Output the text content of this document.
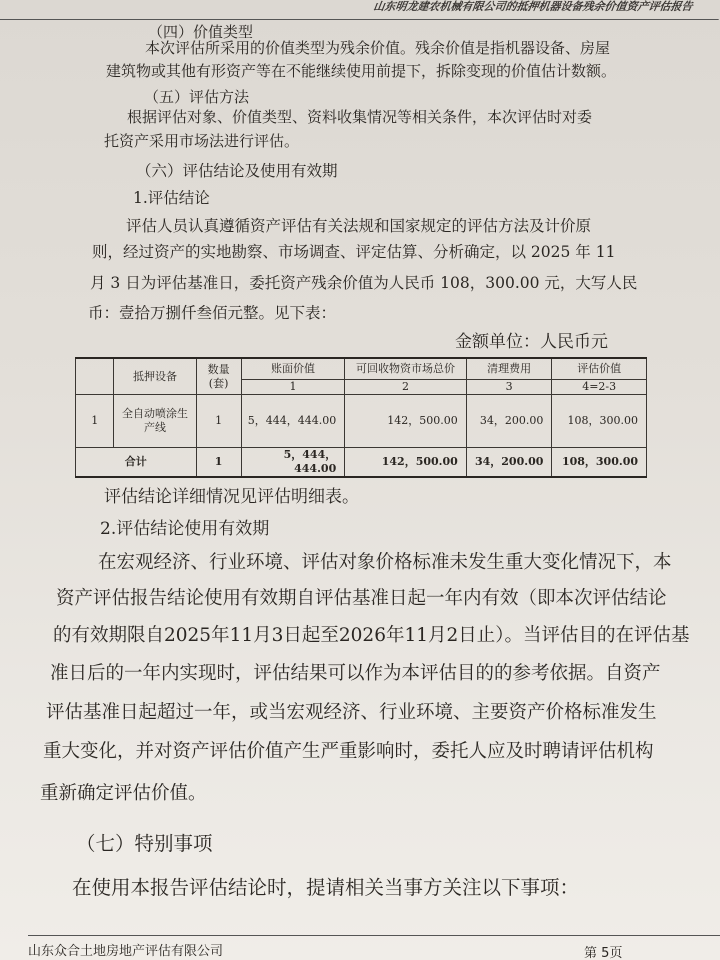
山东明龙建农机械有限公司的抵押机器设备残余价值资产评估报告
（四）价值类型
本次评估所采用的价值类型为残余价值。残余价值是指机器设备、房屋
建筑物或其他有形资产等在不能继续使用前提下，拆除变现的价值估计数额。
（五）评估方法
根据评估对象、价值类型、资料收集情况等相关条件，本次评估时对委
托资产采用市场法进行评估。
（六）评估结论及使用有效期
1.评估结论
评估人员认真遵循资产评估有关法规和国家规定的评估方法及计价原
则，经过资产的实地勘察、市场调查、评定估算、分析确定，以 2025 年 11
月 3 日为评估基准日，委托资产残余价值为人民币 108，300.00 元，大写人民
币：壹拾万捌仟叁佰元整。见下表：
金额单位：人民币元
	抵押设备	数量
(套)	账面价值	可回收物资市场总价	清理费用	评估价值
			1	2	3	4=2-3
1	全自动喷涂生
产线	1	5，444，444.00	142，500.00	34，200.00	108，300.00
合计		1	5，444，444.00	142，500.00	34，200.00	108，300.00
评估结论详细情况见评估明细表。
2.评估结论使用有效期
在宏观经济、行业环境、评估对象价格标准未发生重大变化情况下，本
资产评估报告结论使用有效期自评估基准日起一年内有效（即本次评估结论
的有效期限自2025年11月3日起至2026年11月2日止）。当评估目的在评估基
准日后的一年内实现时，评估结果可以作为本评估目的的参考依据。自资产
评估基准日起超过一年，或当宏观经济、行业环境、主要资产价格标准发生
重大变化，并对资产评估价值产生严重影响时，委托人应及时聘请评估机构
重新确定评估价值。
（七）特别事项
在使用本报告评估结论时，提请相关当事方关注以下事项：
山东众合土地房地产评估有限公司	第 5页
